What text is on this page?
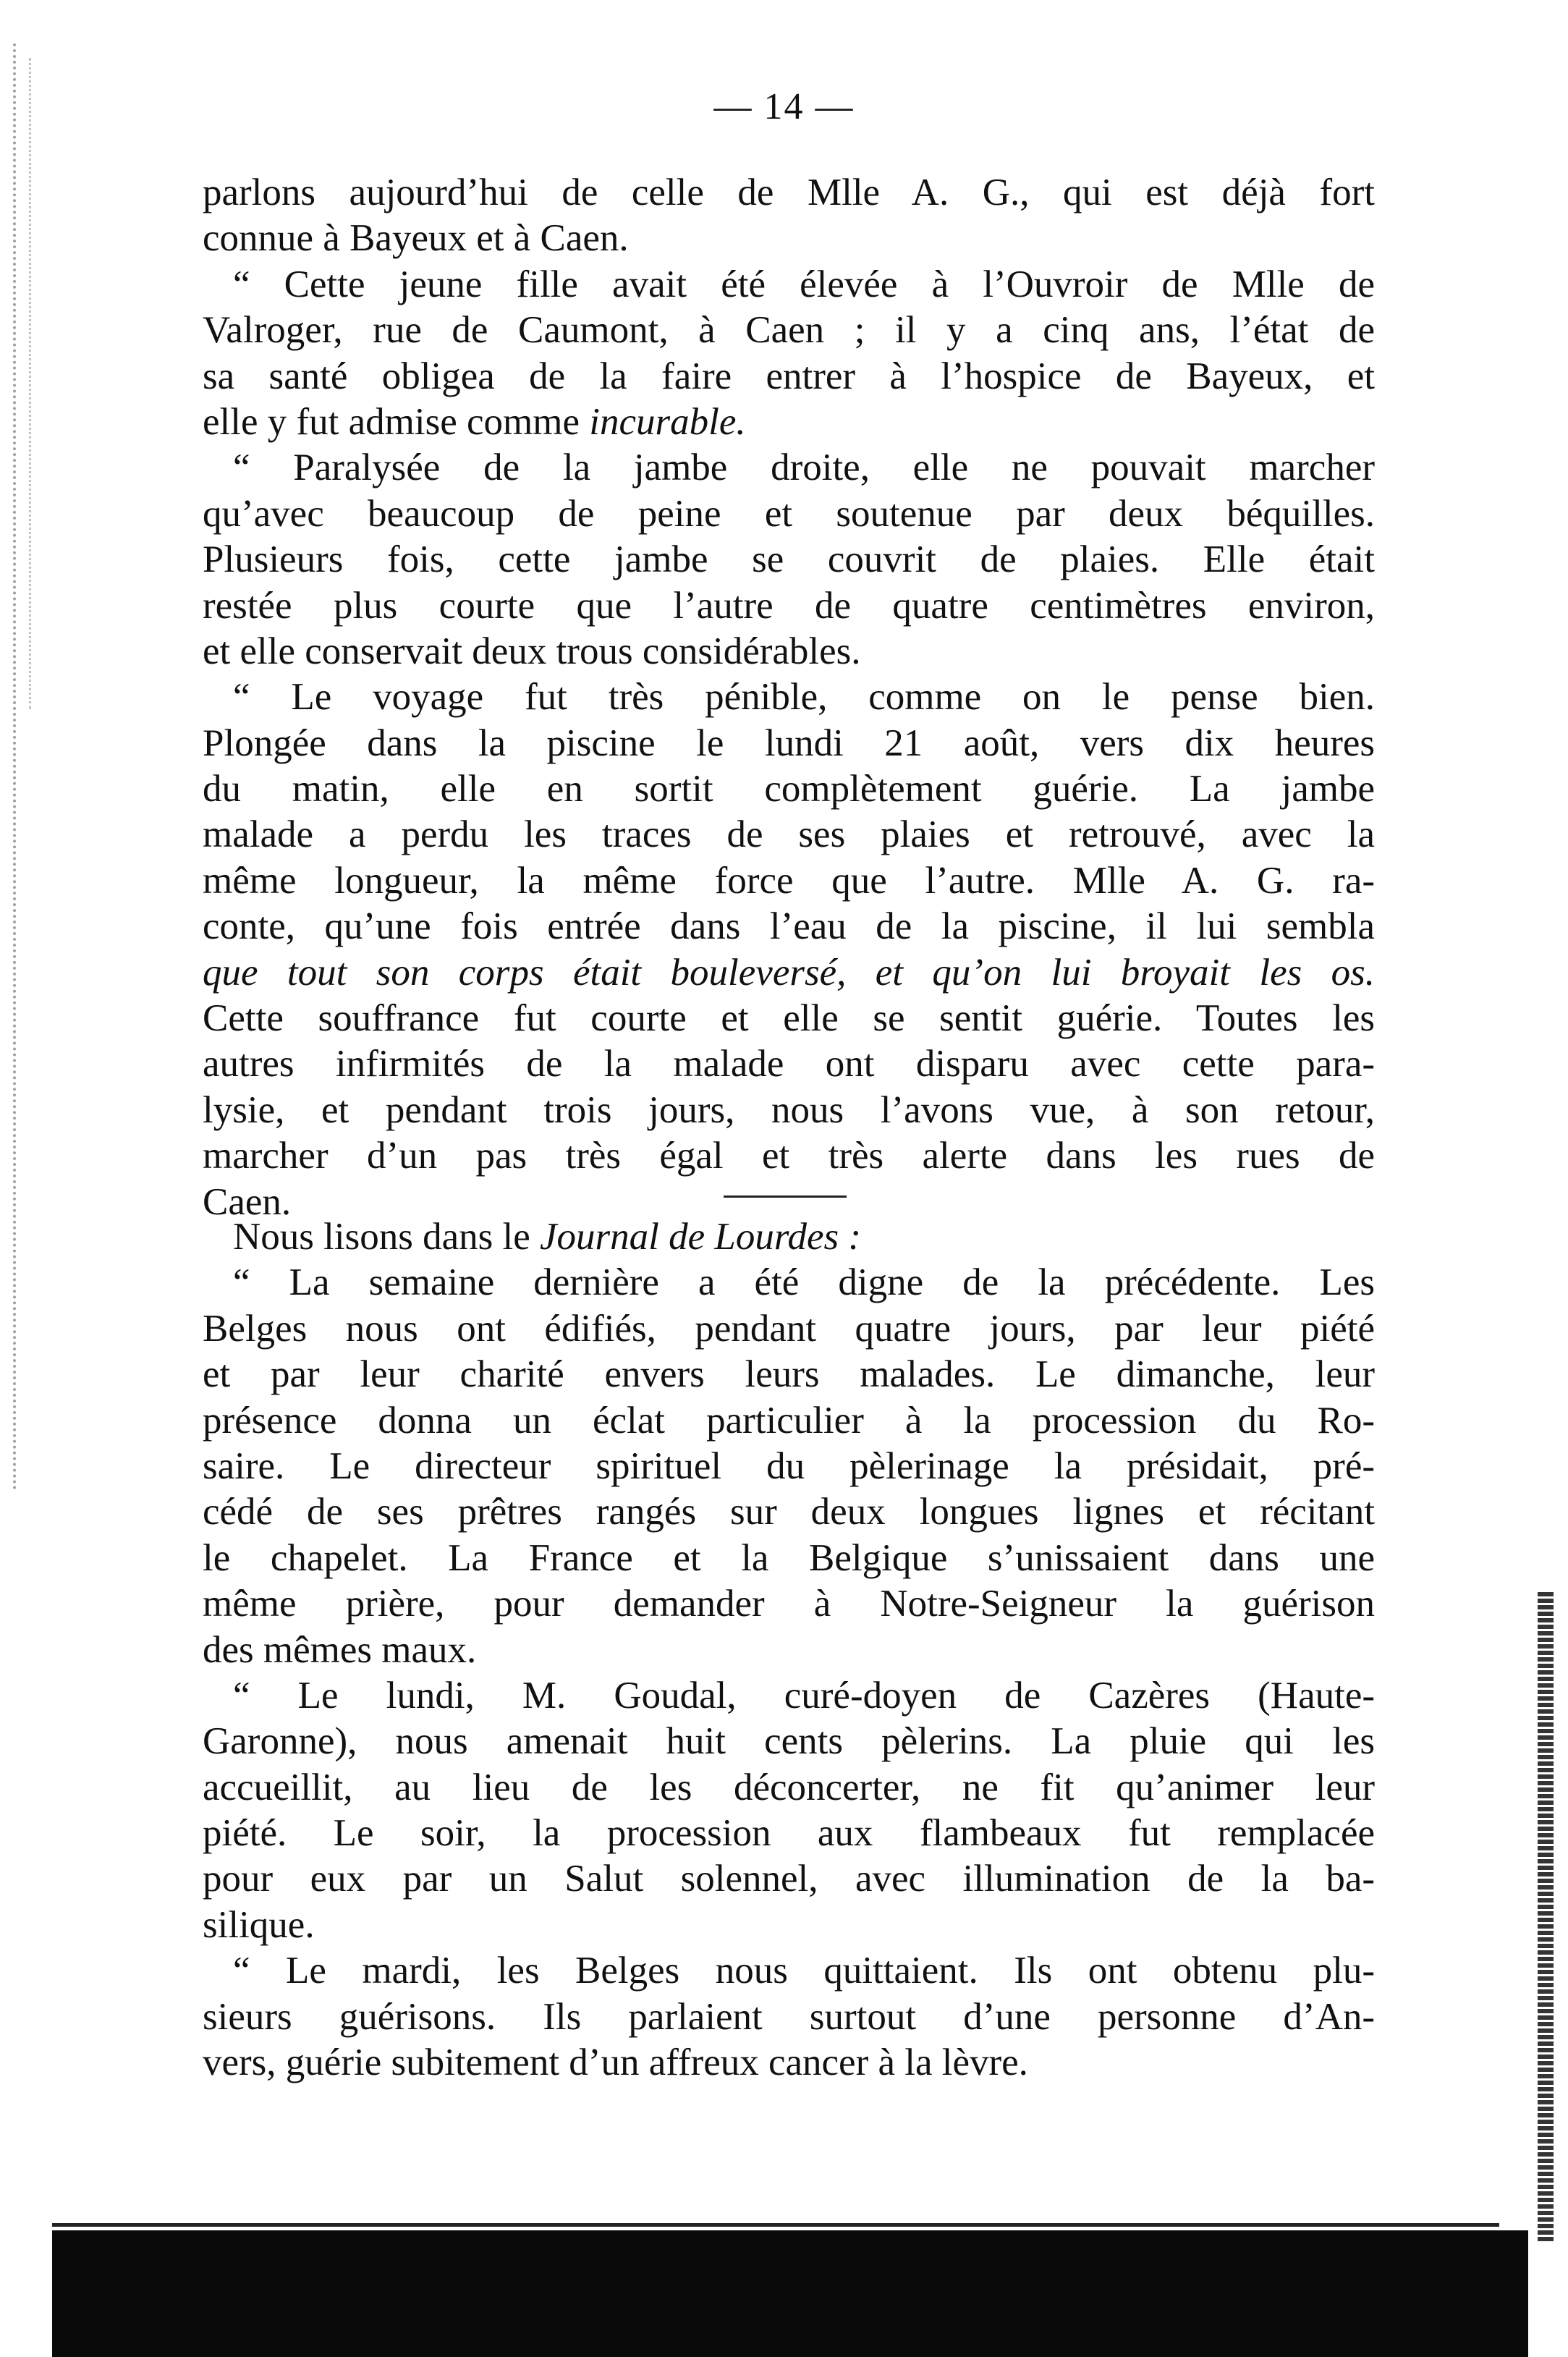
— 14 —
parlons aujourd’hui de celle de Mlle A. G., qui est déjà fort
connue à Bayeux et à Caen.
“ Cette jeune fille avait été élevée à l’Ouvroir de Mlle de
Valroger, rue de Caumont, à Caen ; il y a cinq ans, l’état de
sa santé obligea de la faire entrer à l’hospice de Bayeux, et
elle y fut admise comme incurable.
“ Paralysée de la jambe droite, elle ne pouvait marcher
qu’avec beaucoup de peine et soutenue par deux béquilles.
Plusieurs fois, cette jambe se couvrit de plaies. Elle était
restée plus courte que l’autre de quatre centimètres environ,
et elle conservait deux trous considérables.
“ Le voyage fut très pénible, comme on le pense bien.
Plongée dans la piscine le lundi 21 août, vers dix heures
du matin, elle en sortit complètement guérie. La jambe
malade a perdu les traces de ses plaies et retrouvé, avec la
même longueur, la même force que l’autre. Mlle A. G. ra-
conte, qu’une fois entrée dans l’eau de la piscine, il lui sembla
que tout son corps était bouleversé, et qu’on lui broyait les os.
Cette souffrance fut courte et elle se sentit guérie. Toutes les
autres infirmités de la malade ont disparu avec cette para-
lysie, et pendant trois jours, nous l’avons vue, à son retour,
marcher d’un pas très égal et très alerte dans les rues de
Caen.
Nous lisons dans le Journal de Lourdes :
“ La semaine dernière a été digne de la précédente. Les
Belges nous ont édifiés, pendant quatre jours, par leur piété
et par leur charité envers leurs malades. Le dimanche, leur
présence donna un éclat particulier à la procession du Ro-
saire. Le directeur spirituel du pèlerinage la présidait, pré-
cédé de ses prêtres rangés sur deux longues lignes et récitant
le chapelet. La France et la Belgique s’unissaient dans une
même prière, pour demander à Notre-Seigneur la guérison
des mêmes maux.
“ Le lundi, M. Goudal, curé-doyen de Cazères (Haute-
Garonne), nous amenait huit cents pèlerins. La pluie qui les
accueillit, au lieu de les déconcerter, ne fit qu’animer leur
piété. Le soir, la procession aux flambeaux fut remplacée
pour eux par un Salut solennel, avec illumination de la ba-
silique.
“ Le mardi, les Belges nous quittaient. Ils ont obtenu plu-
sieurs guérisons. Ils parlaient surtout d’une personne d’An-
vers, guérie subitement d’un affreux cancer à la lèvre.
